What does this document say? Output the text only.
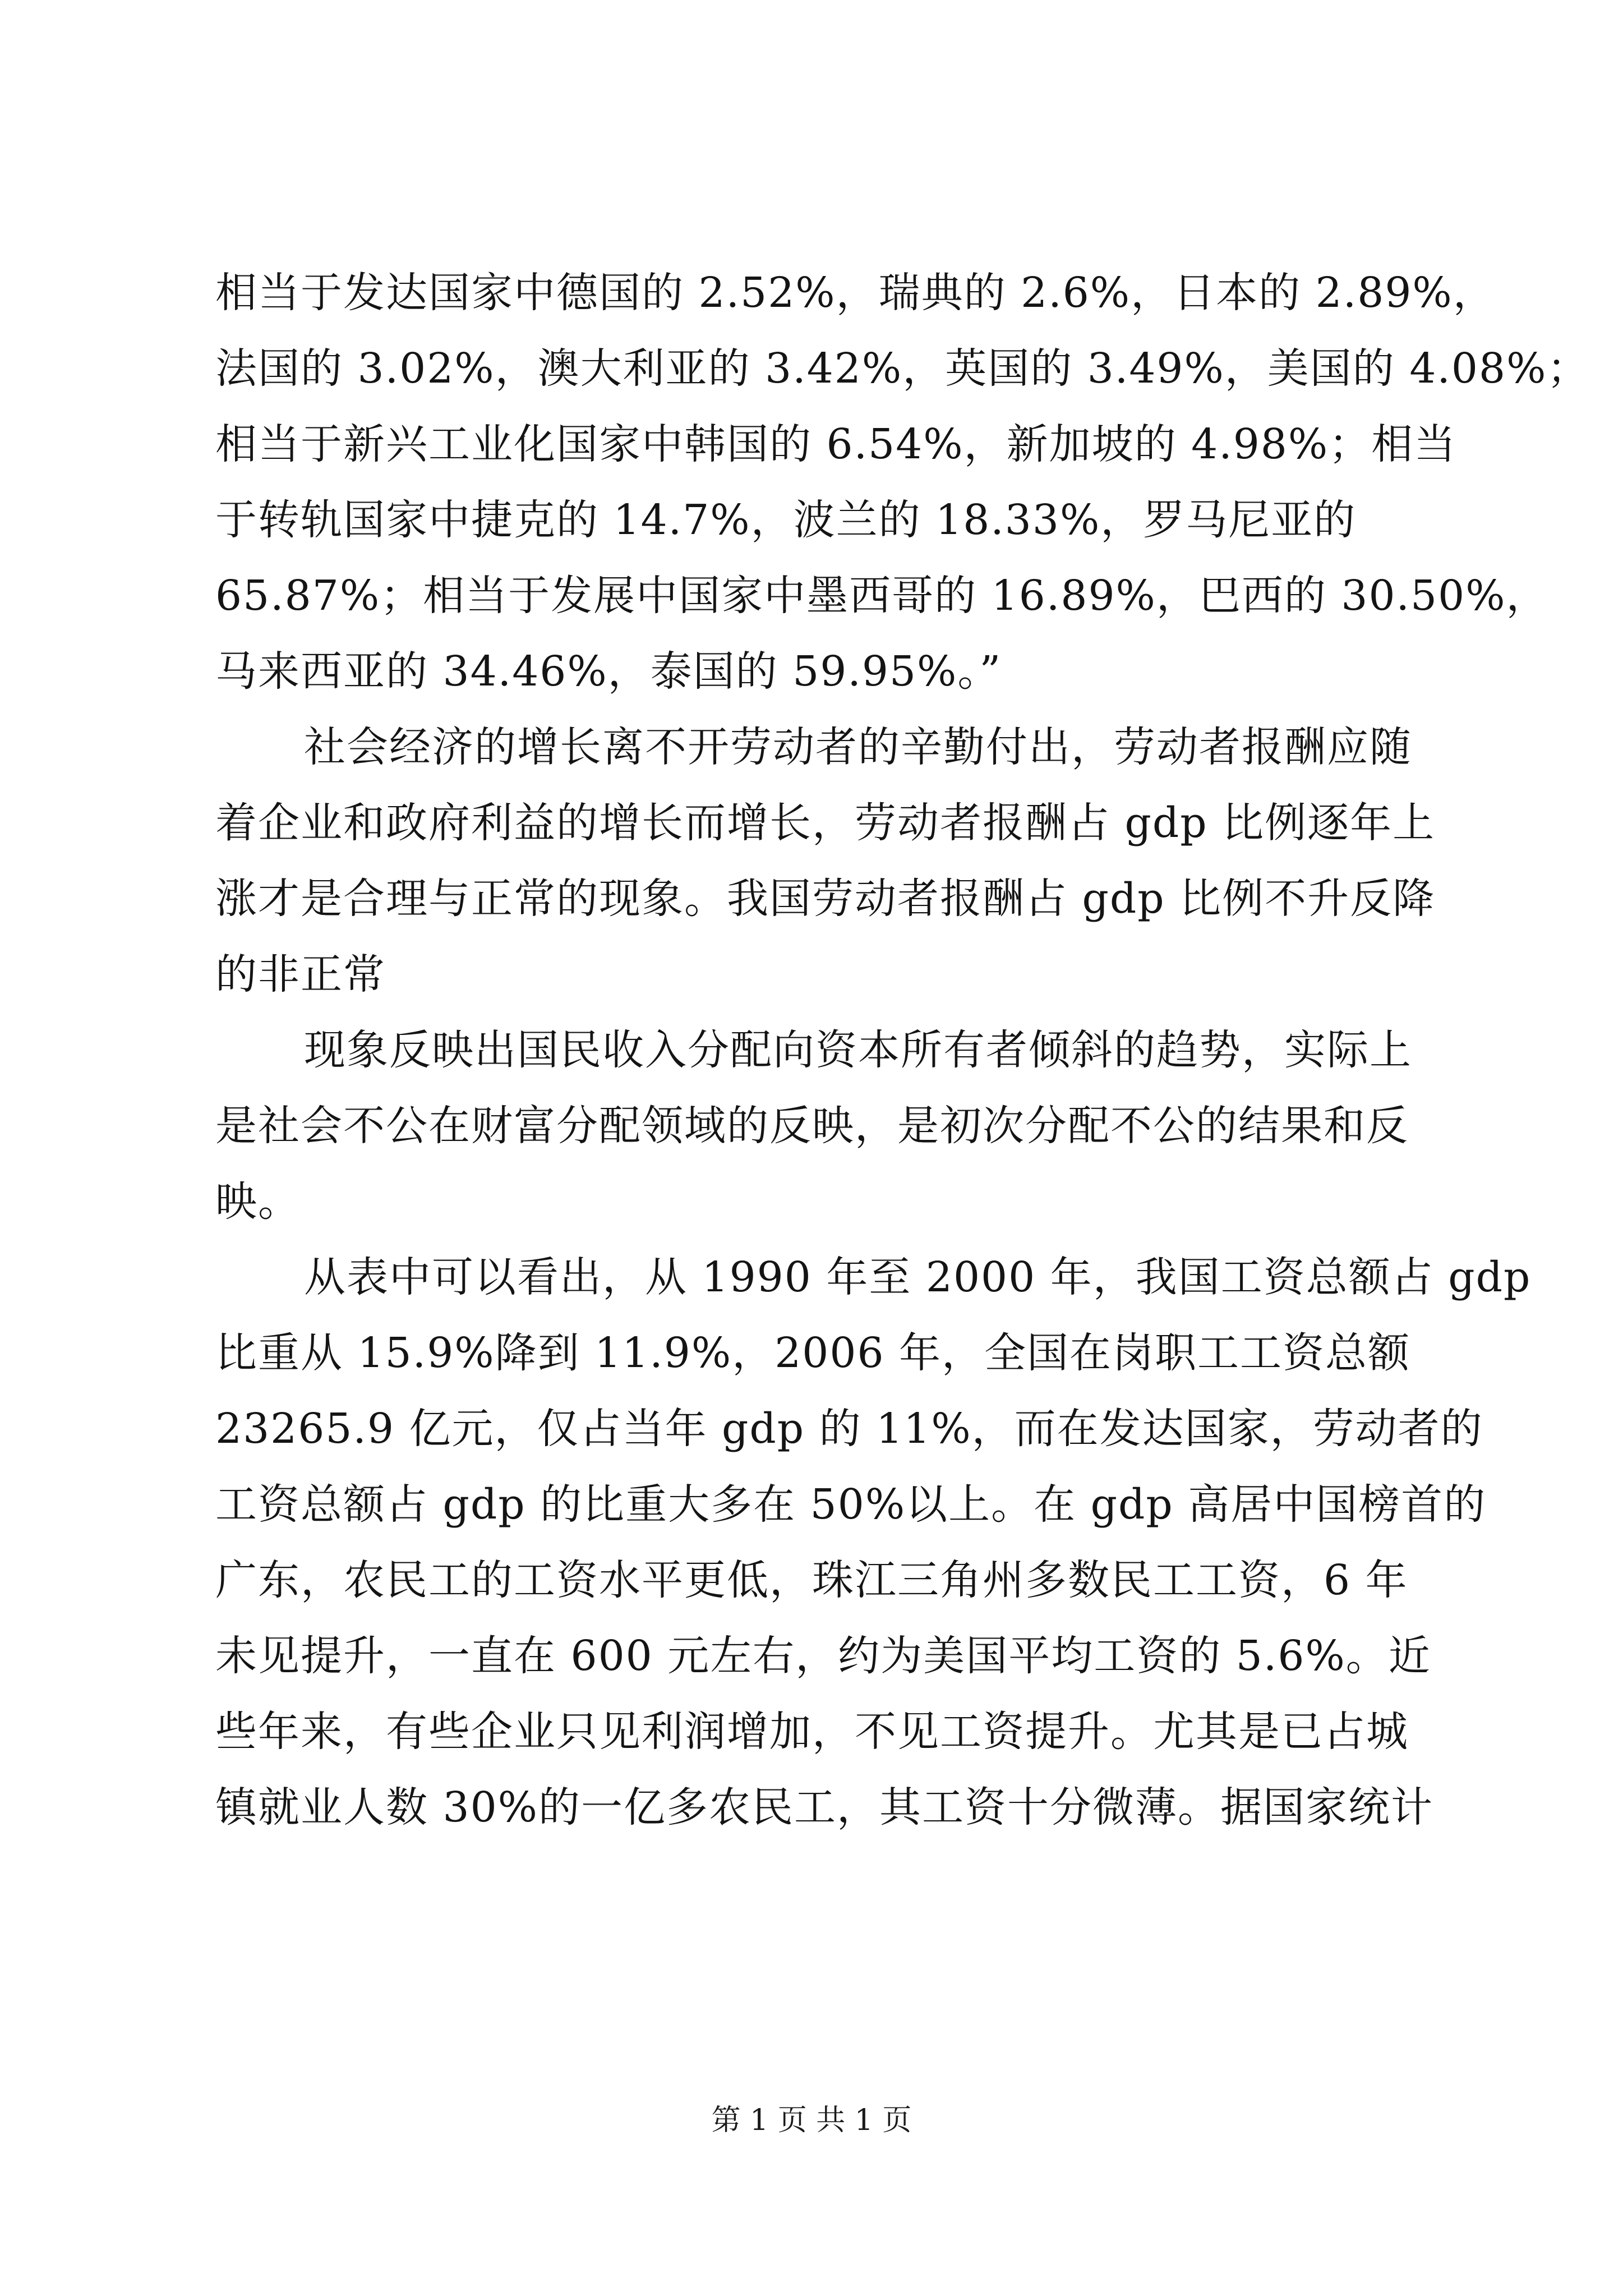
相当于发达国家中德国的 2.52%，瑞典的 2.6%，日本的 2.89%，
法国的 3.02%，澳大利亚的 3.42%，英国的 3.49%，美国的 4.08%；
相当于新兴工业化国家中韩国的 6.54%，新加坡的 4.98%；相当
于转轨国家中捷克的 14.7%，波兰的 18.33%，罗马尼亚的
65.87%；相当于发展中国家中墨西哥的 16.89%，巴西的 30.50%，
马来西亚的 34.46%，泰国的 59.95%。”
社会经济的增长离不开劳动者的辛勤付出，劳动者报酬应随
着企业和政府利益的增长而增长，劳动者报酬占 gdp 比例逐年上
涨才是合理与正常的现象。我国劳动者报酬占 gdp 比例不升反降
的非正常
现象反映出国民收入分配向资本所有者倾斜的趋势，实际上
是社会不公在财富分配领域的反映，是初次分配不公的结果和反
映。
从表中可以看出，从 1990 年至 2000 年，我国工资总额占 gdp
比重从 15.9%降到 11.9%，2006 年，全国在岗职工工资总额
23265.9 亿元，仅占当年 gdp 的 11%，而在发达国家，劳动者的
工资总额占 gdp 的比重大多在 50%以上。在 gdp 高居中国榜首的
广东，农民工的工资水平更低，珠江三角州多数民工工资，6 年
未见提升，一直在 600 元左右，约为美国平均工资的 5.6%。近
些年来，有些企业只见利润增加，不见工资提升。尤其是已占城
镇就业人数 30%的一亿多农民工，其工资十分微薄。据国家统计
第 1 页 共 1 页
